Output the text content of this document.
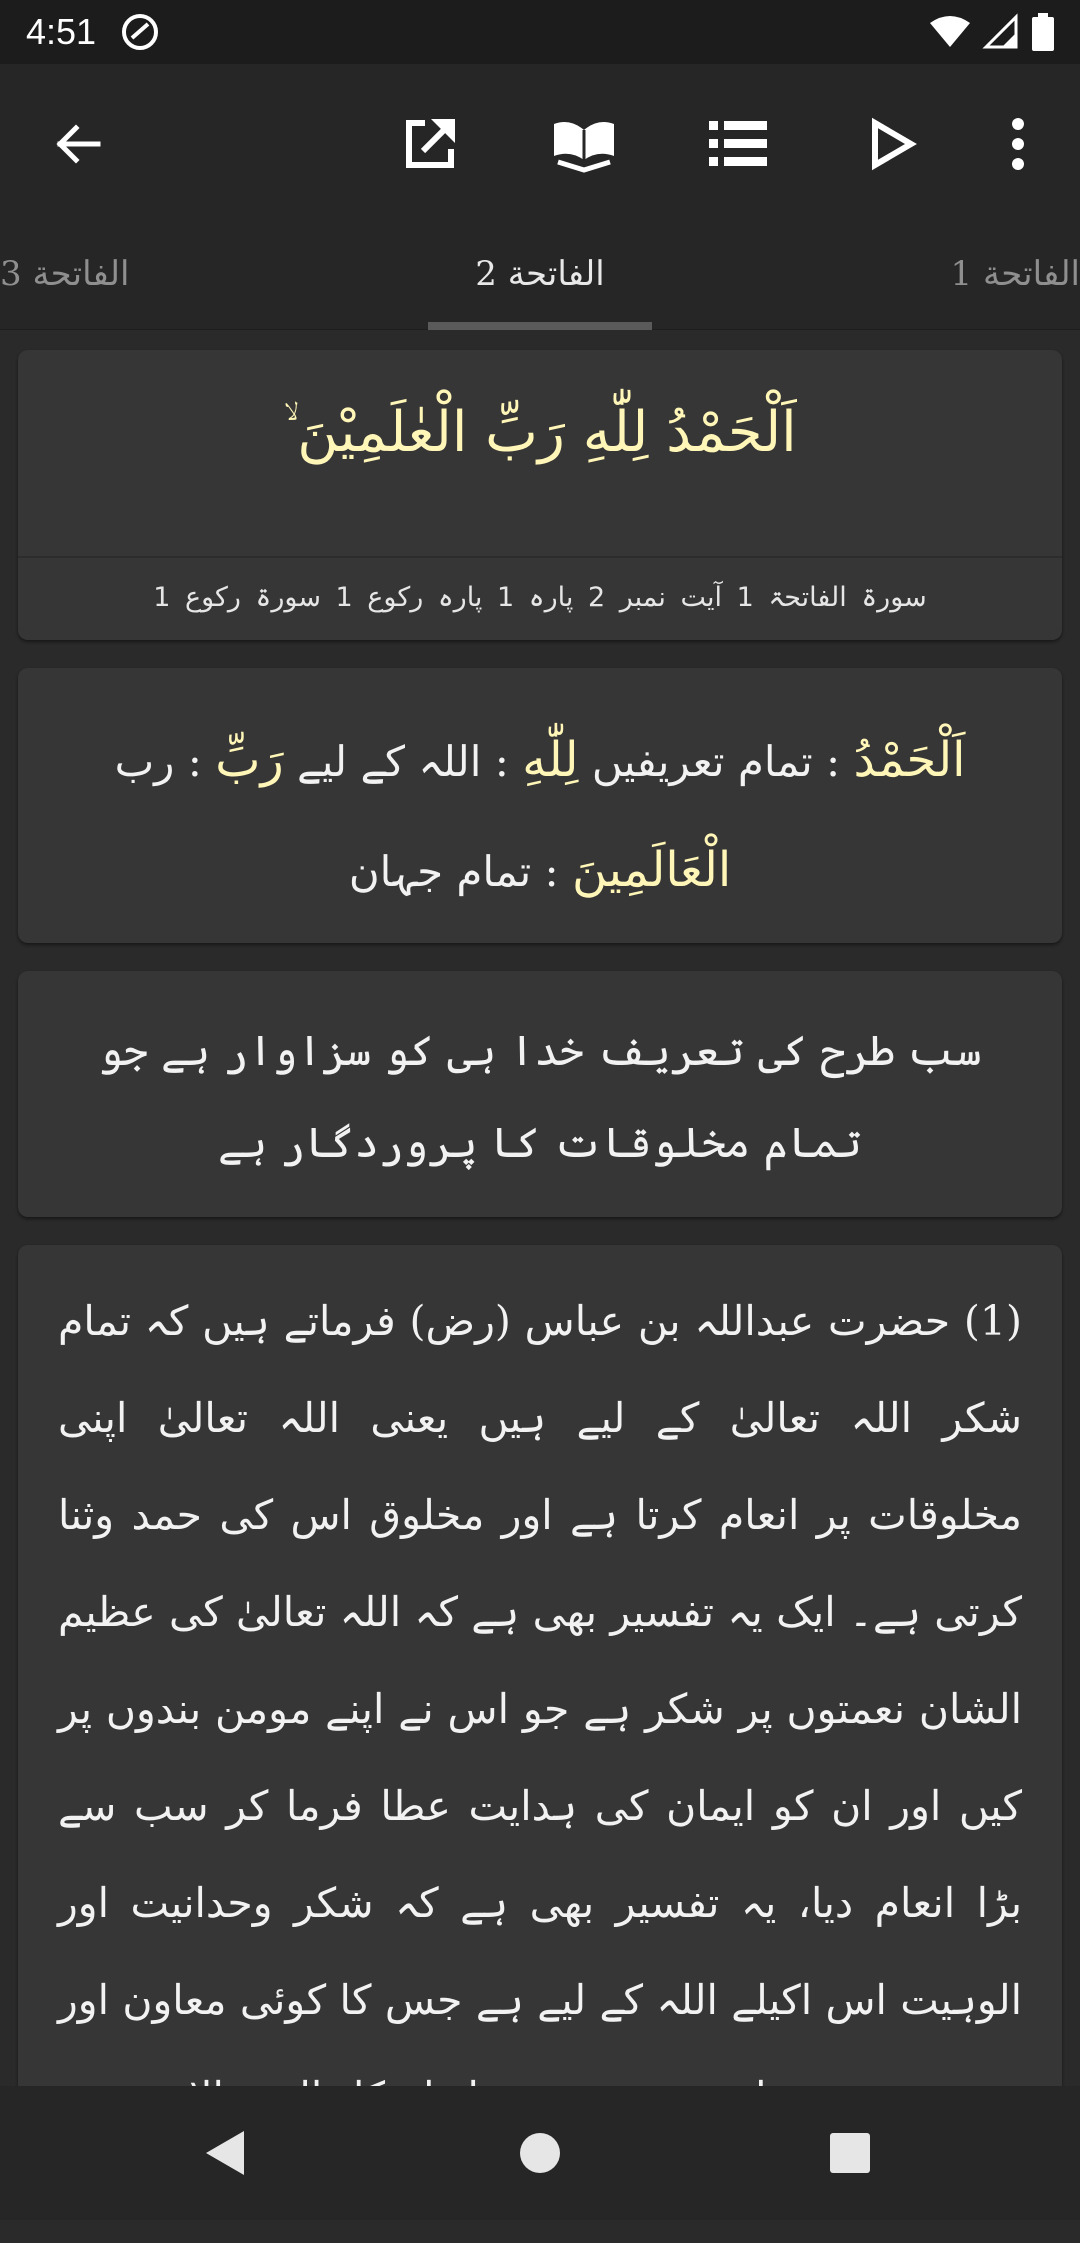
4:51
الفاتحة 3	الفاتحة 2	الفاتحة 1
اَلْحَمْدُ لِلّٰهِ رَبِّ الْعٰلَمِیْنَ ۙ
سورۃ الفاتحۃ 1 آیت نمبر 2 پارہ 1 پارہ رکوع 1 سورۃ رکوع 1
اَلْحَمْدُ : تمام تعریفیں لِلّٰهِ : اللہ کے لیے رَبِّ : رب الْعَالَمِينَ : تمام جہان
سب طرح کی تعریف خدا ہی کو سزاوار ہے جو تمام مخلوقات کا پروردگار ہے
(1) حضرت عبداللہ بن عباس (رض) فرماتے ہیں کہ تمام شکر اللہ تعالیٰ کے لیے ہیں یعنی اللہ تعالیٰ اپنی مخلوقات پر انعام کرتا ہے اور مخلوق اس کی حمد وثنا کرتی ہے۔ ایک یہ تفسیر بھی ہے کہ اللہ تعالیٰ کی عظیم الشان نعمتوں پر شکر ہے جو اس نے اپنے مومن بندوں پر کیں اور ان کو ایمان کی ہدایت عطا فرما کر سب سے بڑا انعام دیا، یہ تفسیر بھی ہے کہ شکر وحدانیت اور الوہیت اس اکیلے اللہ کے لیے ہے جس کا کوئی معاون اور
